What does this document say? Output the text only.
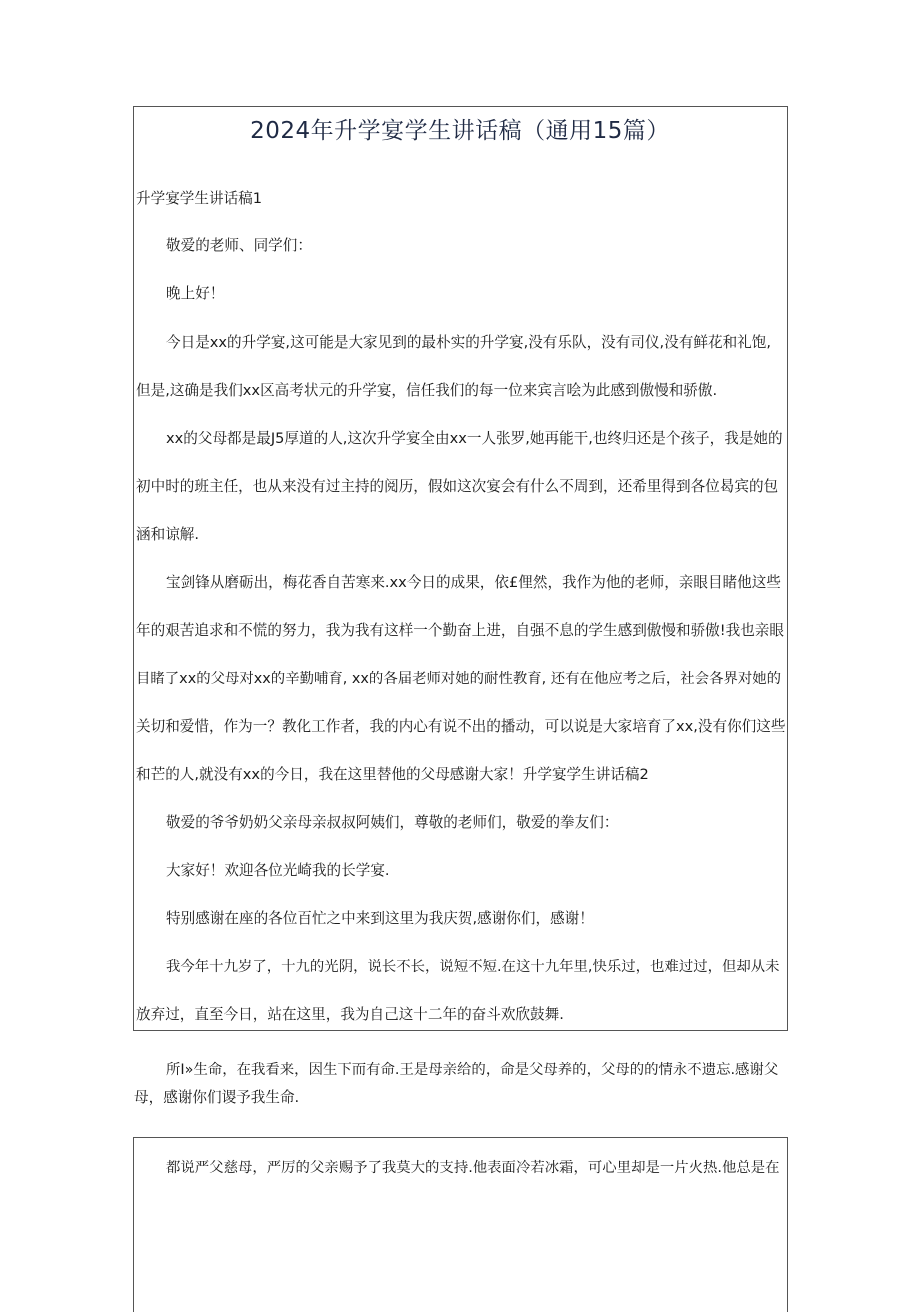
2024年升学宴学生讲话稿（通用15篇）

升学宴学生讲话稿1

敬爱的老师、同学们：

晚上好！

今日是xx的升学宴,这可能是大家见到的最朴实的升学宴,没有乐队，没有司仪,没有鲜花和礼饱,

但是,这确是我们xx区高考状元的升学宴，信任我们的每一位来宾言哙为此感到傲慢和骄傲.

xx的父母都是最J5厚道的人,这次升学宴全由xx一人张罗,她再能干,也终归还是个孩子，我是她的

初中时的班主任，也从来没有过主持的阅历，假如这次宴会有什么不周到，还希里得到各位曷宾的包

涵和谅解.

宝剑锋从磨砺出，梅花香自苦寒来.xx今日的成果，依£俚然，我作为他的老师，亲眼目睹他这些

年的艰苦追求和不慌的努力，我为我有这样一个勤奋上进，自强不息的学生感到傲慢和骄傲!我也亲眼

目睹了xx的父母对xx的辛勤哺育, xx的各届老师对她的耐性教育, 还有在他应考之后，社会各界对她的

关切和爱惜，作为一？教化工作者，我的内心有说不出的播动，可以说是大家培育了xx,没有你们这些

和芒的人,就没有xx的今日，我在这里替他的父母感谢大家！升学宴学生讲话稿2

敬爱的爷爷奶奶父亲母亲叔叔阿姨们，尊敬的老师们，敬爱的拳友们：

大家好！欢迎各位光崎我的长学宴.

特别感谢在座的各位百忙之中来到这里为我庆贺,感谢你们，感谢！

我今年十九岁了，十九的光阴，说长不长，说短不短.在这十九年里,快乐过，也难过过，但却从未

放弃过，直至今日，站在这里，我为自己这十二年的奋斗欢欣鼓舞.

所I»生命，在我看来，因生下而有命.王是母亲给的，命是父母养的，父母的的情永不遗忘.感谢父

母，感谢你们谡予我生命.

都说严父慈母，严厉的父亲赐予了我莫大的支持.他表面冷若冰霜，可心里却是一片火热.他总是在
